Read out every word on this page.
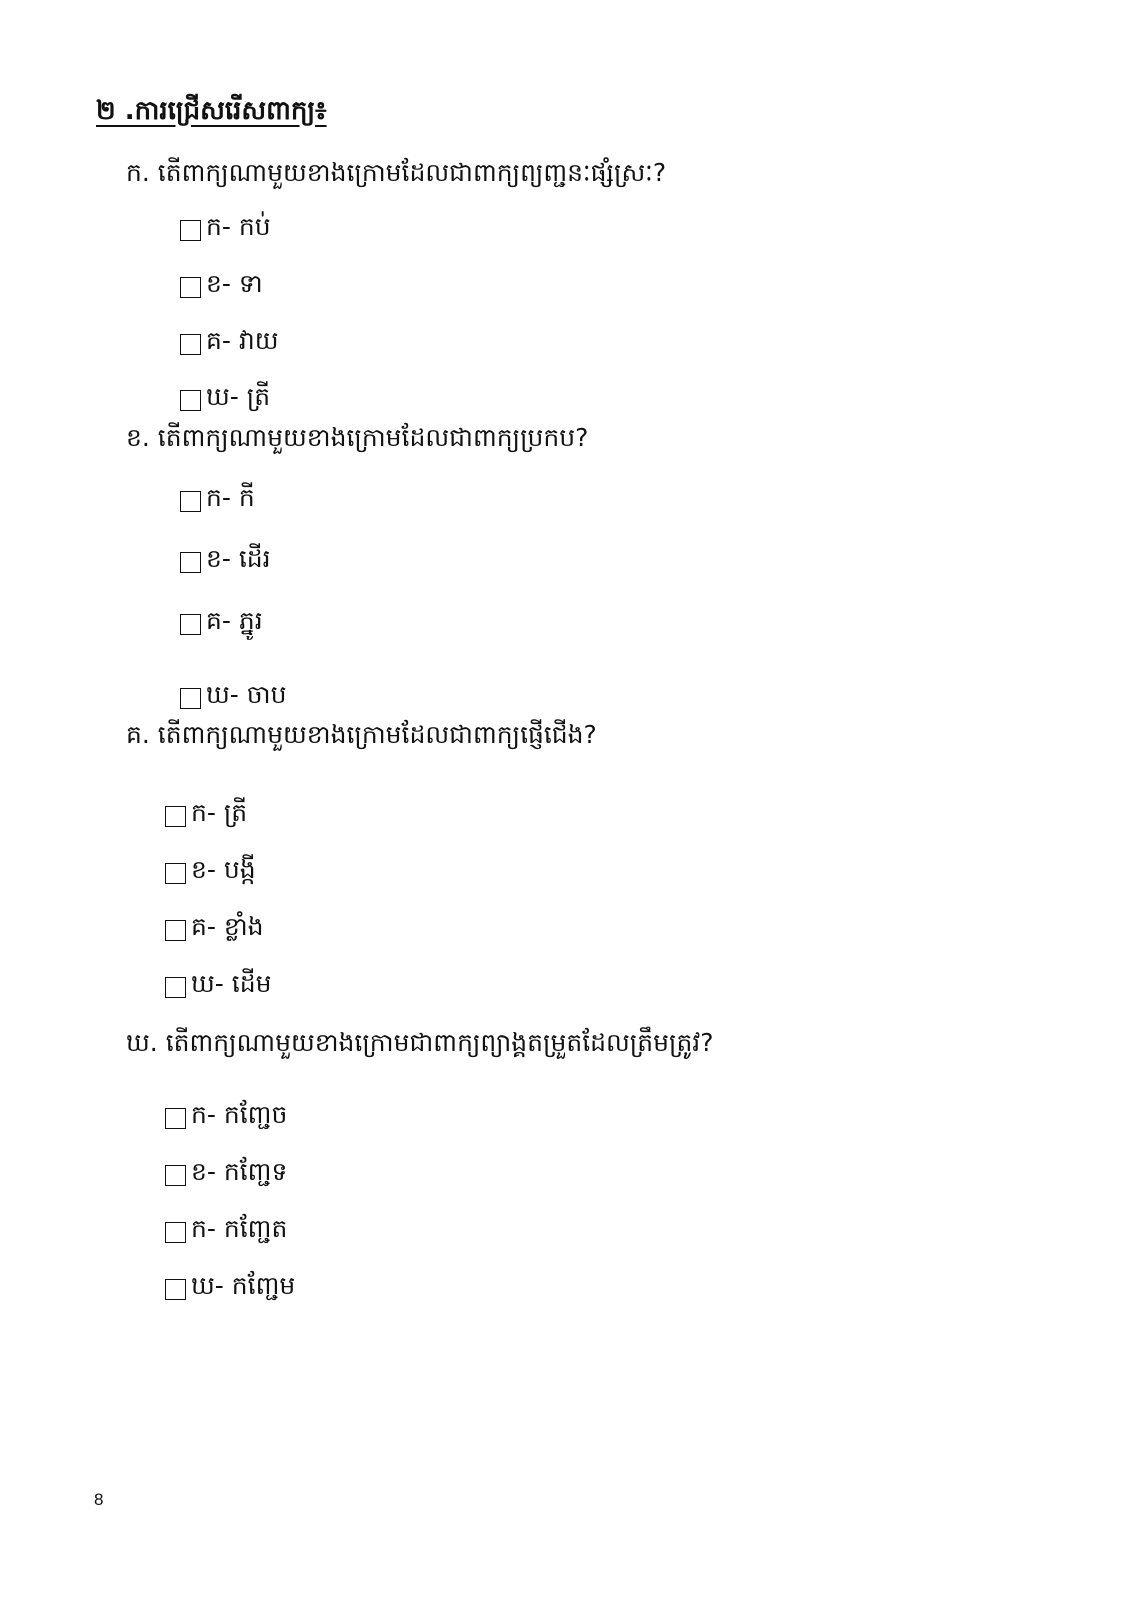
២ .ការជ្រើសរើសពាក្យ៖
ក. តើពាក្យណាមួយខាងក្រោមដែលជាពាក្យព្យញ្ជនៈផ្សំស្រៈ?
ក- កប់
ខ- ទា
គ- វាយ
ឃ- ត្រី
ខ. តើពាក្យណាមួយខាងក្រោមដែលជាពាក្យប្រកប?
ក- កី
ខ- ដើរ
គ- ភ្នូរ
ឃ- ចាប
គ. តើពាក្យណាមួយខាងក្រោមដែលជាពាក្យផ្ញើជើង?
ក- ត្រី
ខ- បង្កី
គ- ខ្លាំង
ឃ- ដើម
ឃ. តើពាក្យណាមួយខាងក្រោមជាពាក្យព្យាង្គតម្រួតដែលត្រឹមត្រូវ?
ក- កញ្ជែច
ខ- កញ្ជែទ
ក- កញ្ជែត
ឃ- កញ្ជែម
8
